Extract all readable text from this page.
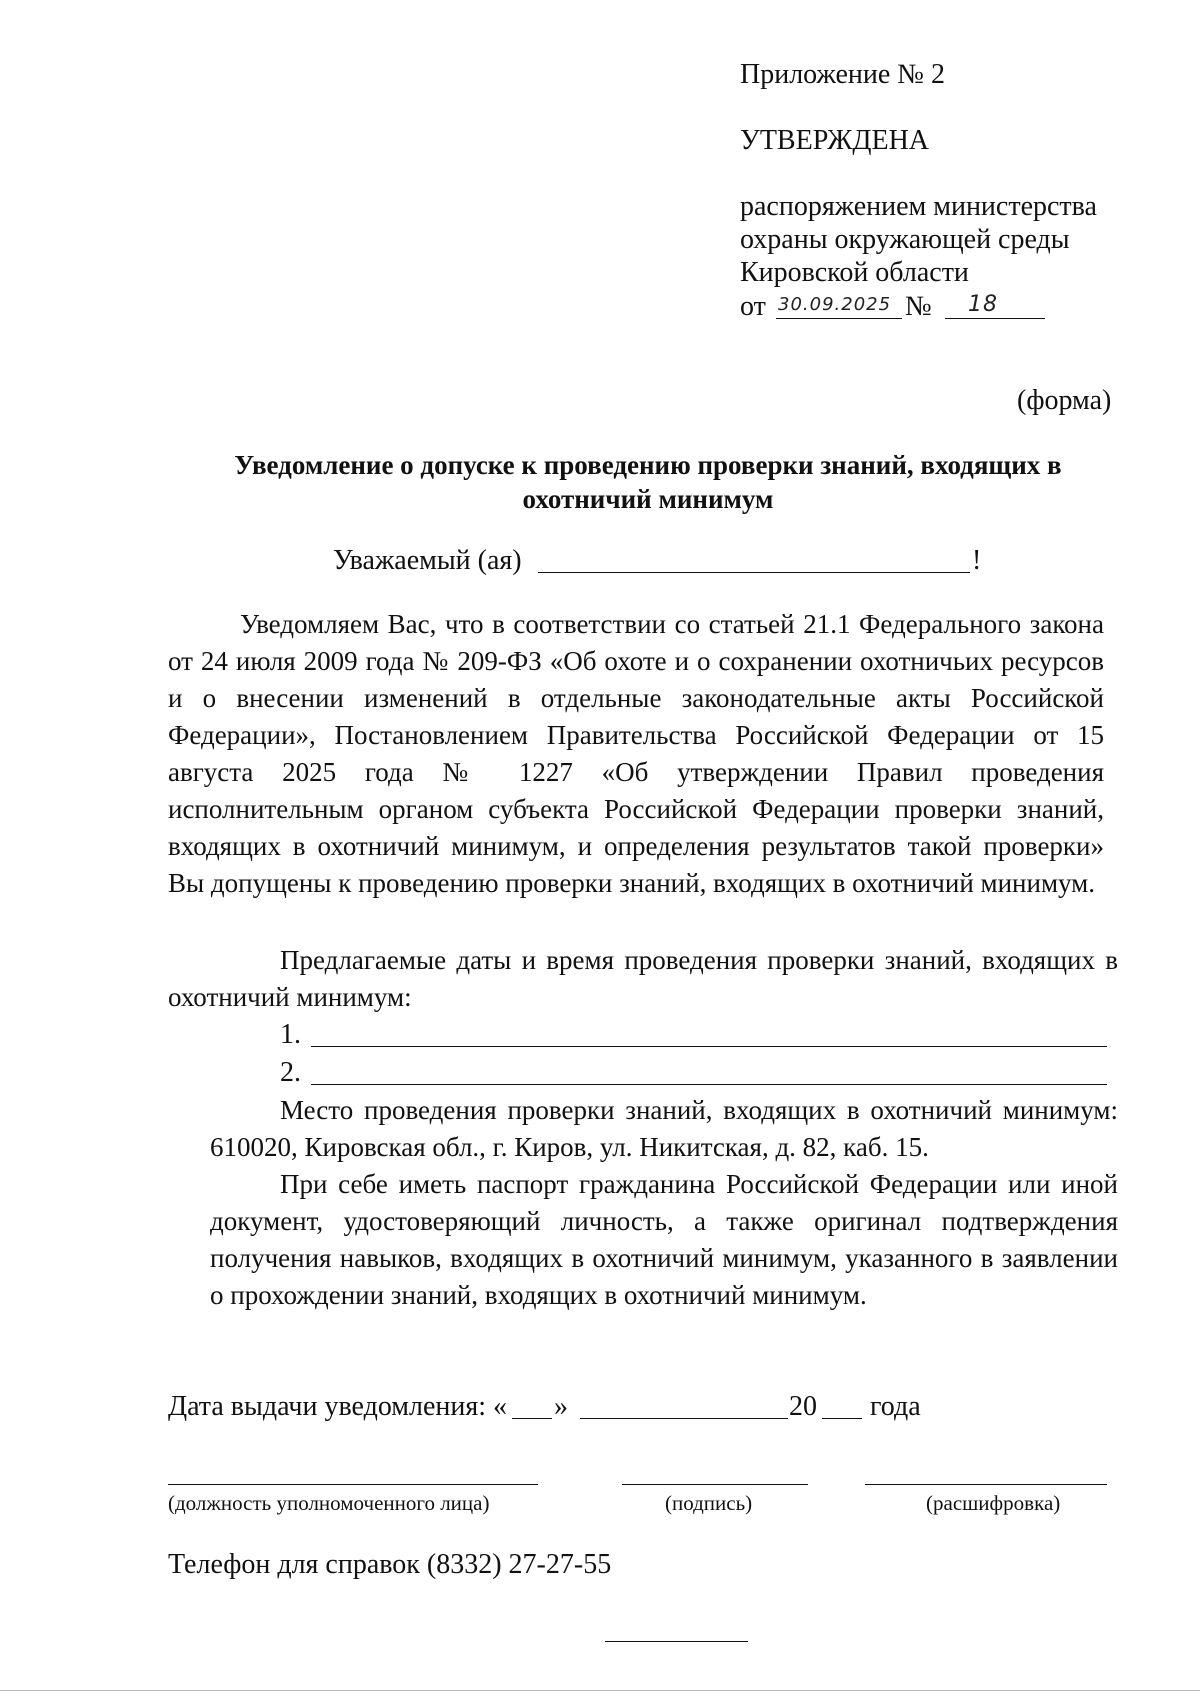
Приложение № 2
УТВЕРЖДЕНА
распоряжением министерства
охраны окружающей среды
Кировской области
от 30.09.2025 № 18
(форма)
Уведомление о допуске к проведению проверки знаний, входящих в
охотничий минимум
Уважаемый (ая)	!
Уведомляем Вас, что в соответствии со статьей 21.1 Федерального закона от 24 июля 2009 года № 209-ФЗ «Об охоте и о сохранении охотничьих ресурсов и о внесении изменений в отдельные законодательные акты Российской Федерации», Постановлением Правительства Российской Федерации от 15 августа 2025 года № 1227 «Об утверждении Правил проведения исполнительным органом субъекта Российской Федерации проверки знаний, входящих в охотничий минимум, и определения результатов такой проверки» Вы допущены к проведению проверки знаний, входящих в охотничий минимум.
Предлагаемые даты и время проведения проверки знаний, входящих в охотничий минимум:
1.
2.
Место проведения проверки знаний, входящих в охотничий минимум: 610020, Кировская обл., г. Киров, ул. Никитская, д. 82, каб. 15.
При себе иметь паспорт гражданина Российской Федерации или иной документ, удостоверяющий личность, а также оригинал подтверждения получения навыков, входящих в охотничий минимум, указанного в заявлении о прохождении знаний, входящих в охотничий минимум.
Дата выдачи уведомления: « »	20 года
(должность уполномоченного лица)	(подпись)	(расшифровка)
Телефон для справок (8332) 27-27-55
